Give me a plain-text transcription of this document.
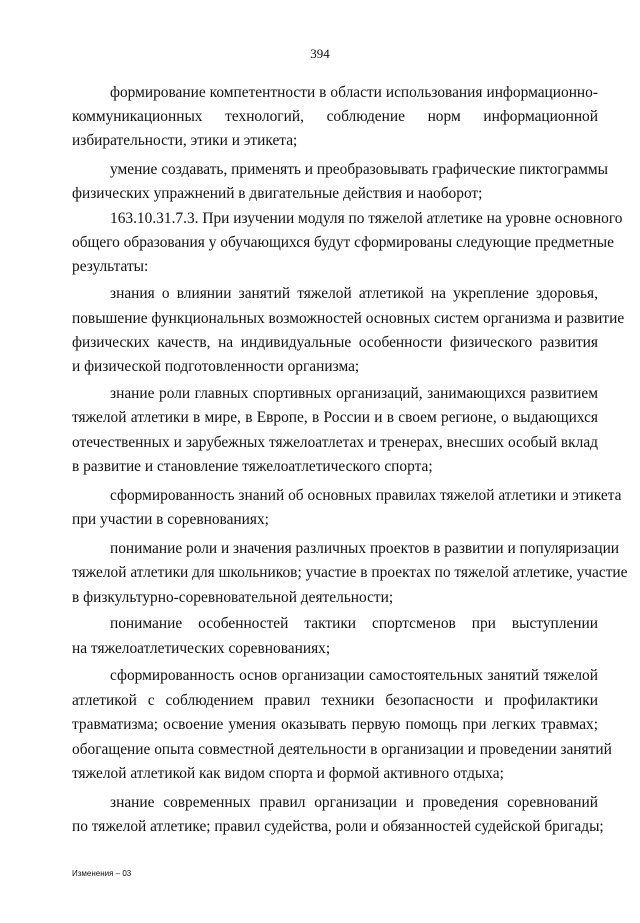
394
формирование компетентности в области использования информационно-
коммуникационных технологий, соблюдение норм информационной
избирательности, этики и этикета;
умение создавать, применять и преобразовывать графические пиктограммы
физических упражнений в двигательные действия и наоборот;
163.10.31.7.3. При изучении модуля по тяжелой атлетике на уровне основного
общего образования у обучающихся будут сформированы следующие предметные
результаты:
знания о влиянии занятий тяжелой атлетикой на укрепление здоровья,
повышение функциональных возможностей основных систем организма и развитие
физических качеств, на индивидуальные особенности физического развития
и физической подготовленности организма;
знание роли главных спортивных организаций, занимающихся развитием
тяжелой атлетики в мире, в Европе, в России и в своем регионе, о выдающихся
отечественных и зарубежных тяжелоатлетах и тренерах, внесших особый вклад
в развитие и становление тяжелоатлетического спорта;
сформированность знаний об основных правилах тяжелой атлетики и этикета
при участии в соревнованиях;
понимание роли и значения различных проектов в развитии и популяризации
тяжелой атлетики для школьников; участие в проектах по тяжелой атлетике, участие
в физкультурно-соревновательной деятельности;
понимание особенностей тактики спортсменов при выступлении
на тяжелоатлетических соревнованиях;
сформированность основ организации самостоятельных занятий тяжелой
атлетикой с соблюдением правил техники безопасности и профилактики
травматизма; освоение умения оказывать первую помощь при легких травмах;
обогащение опыта совместной деятельности в организации и проведении занятий
тяжелой атлетикой как видом спорта и формой активного отдыха;
знание современных правил организации и проведения соревнований
по тяжелой атлетике; правил судейства, роли и обязанностей судейской бригады;
Изменения – 03
